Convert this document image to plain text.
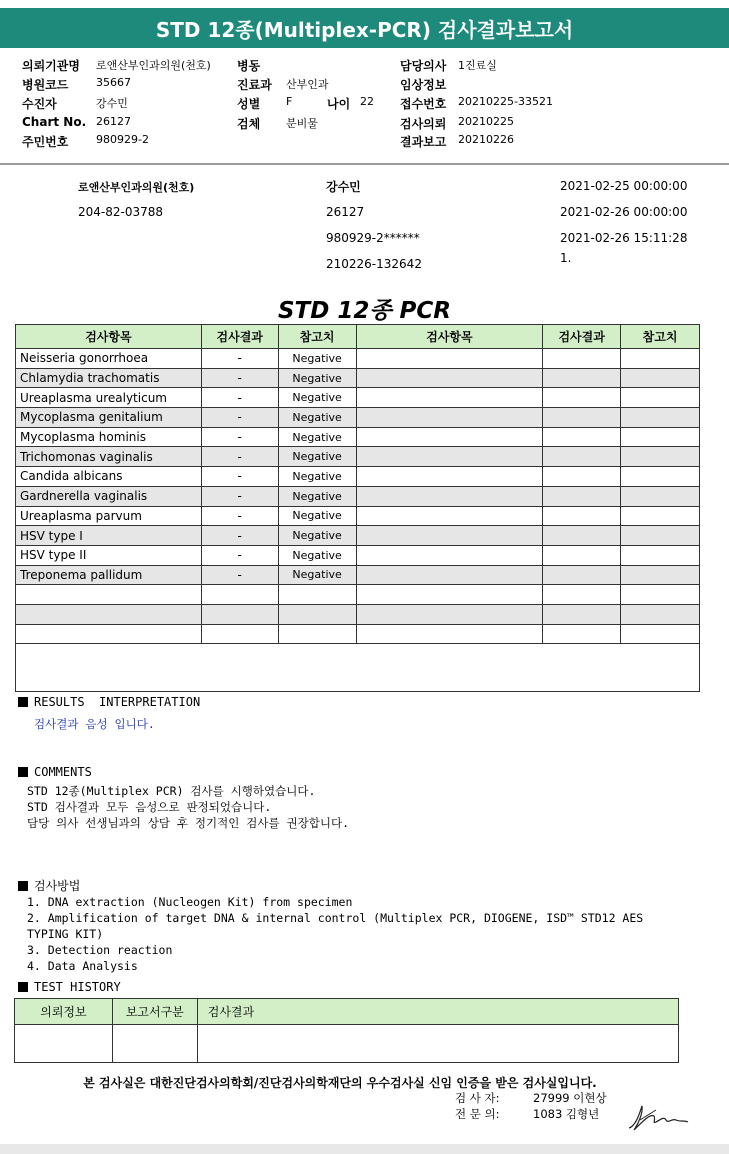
STD 12종(Multiplex-PCR) 검사결과보고서
의뢰기관명 로앤산부인과의원(천호)
병원코드	35667
수진자	강수민
Chart No. 26127
주민번호	980929-2
병동
진료과 산부인과
성별 F	나이 22
검체 분비물
담당의사 1진료실
임상정보
접수번호 20210225-33521
검사의뢰 20210225
결과보고 20210226
로앤산부인과의원(천호)
204-82-03788
강수민
26127
980929-2******
210226-132642
2021-02-25 00:00:00
2021-02-26 00:00:00
2021-02-26 15:11:28
1.
STD 12종 PCR
검사항목	검사결과	참고치	검사항목	검사결과	참고치
Neisseria gonorrhoea	-	Negative			
Chlamydia trachomatis	-	Negative			
Ureaplasma urealyticum	-	Negative			
Mycoplasma genitalium	-	Negative			
Mycoplasma hominis	-	Negative			
Trichomonas vaginalis	-	Negative			
Candida albicans	-	Negative			
Gardnerella vaginalis	-	Negative			
Ureaplasma parvum	-	Negative			
HSV type I	-	Negative			
HSV type II	-	Negative			
Treponema pallidum	-	Negative			

RESULTS  INTERPRETATION
검사결과 음성 입니다.
COMMENTS
STD 12종(Multiplex PCR) 검사를 시행하였습니다.
STD 검사결과 모두 음성으로 판정되었습니다.
담당 의사 선생님과의 상담 후 정기적인 검사를 권장합니다.
검사방법
1. DNA extraction (Nucleogen Kit) from specimen
2. Amplification of target DNA & internal control (Multiplex PCR, DIOGENE, ISD™ STD12 AES
TYPING KIT)
3. Detection reaction
4. Data Analysis
TEST HISTORY
의뢰정보	보고서구분	검사결과

본 검사실은 대한진단검사의학회/진단검사의학재단의 우수검사실 신임 인증을 받은 검사실입니다.
검 사 자:	27999 이현상
전 문 의:	1083 김형년
